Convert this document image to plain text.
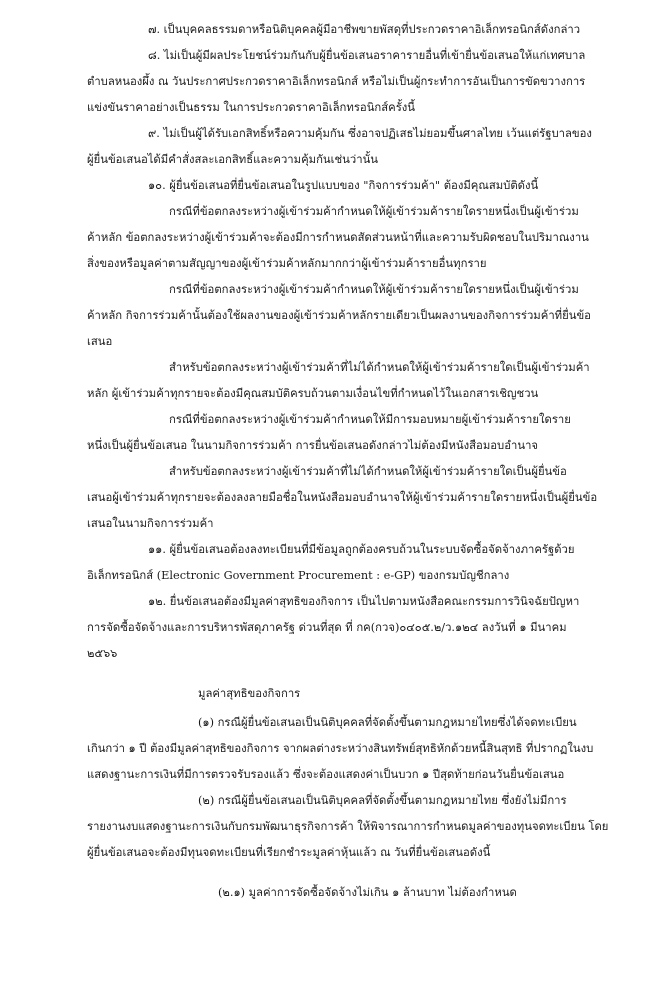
๗. เป็นบุคคลธรรมดาหรือนิติบุคคลผู้มีอาชีพขายพัสดุที่ประกวดราคาอิเล็กทรอนิกส์ดังกล่าว
๘. ไม่เป็นผู้มีผลประโยชน์ร่วมกันกับผู้ยื่นข้อเสนอราคารายอื่นที่เข้ายื่นข้อเสนอให้แก่เทศบาล
ตำบลหนองผึ้ง ณ วันประกาศประกวดราคาอิเล็กทรอนิกส์ หรือไม่เป็นผู้กระทำการอันเป็นการขัดขวางการ
แข่งขันราคาอย่างเป็นธรรม ในการประกวดราคาอิเล็กทรอนิกส์ครั้งนี้
๙. ไม่เป็นผู้ได้รับเอกสิทธิ์หรือความคุ้มกัน ซึ่งอาจปฏิเสธไม่ยอมขึ้นศาลไทย เว้นแต่รัฐบาลของ
ผู้ยื่นข้อเสนอได้มีคำสั่งสละเอกสิทธิ์และความคุ้มกันเช่นว่านั้น
๑๐. ผู้ยื่นข้อเสนอที่ยื่นข้อเสนอในรูปแบบของ "กิจการร่วมค้า" ต้องมีคุณสมบัติดังนี้
กรณีที่ข้อตกลงระหว่างผู้เข้าร่วมค้ากำหนดให้ผู้เข้าร่วมค้ารายใดรายหนึ่งเป็นผู้เข้าร่วม
ค้าหลัก ข้อตกลงระหว่างผู้เข้าร่วมค้าจะต้องมีการกำหนดสัดส่วนหน้าที่และความรับผิดชอบในปริมาณงาน
สิ่งของหรือมูลค่าตามสัญญาของผู้เข้าร่วมค้าหลักมากกว่าผู้เข้าร่วมค้ารายอื่นทุกราย
กรณีที่ข้อตกลงระหว่างผู้เข้าร่วมค้ากำหนดให้ผู้เข้าร่วมค้ารายใดรายหนึ่งเป็นผู้เข้าร่วม
ค้าหลัก กิจการร่วมค้านั้นต้องใช้ผลงานของผู้เข้าร่วมค้าหลักรายเดียวเป็นผลงานของกิจการร่วมค้าที่ยื่นข้อ
เสนอ
สำหรับข้อตกลงระหว่างผู้เข้าร่วมค้าที่ไม่ได้กำหนดให้ผู้เข้าร่วมค้ารายใดเป็นผู้เข้าร่วมค้า
หลัก ผู้เข้าร่วมค้าทุกรายจะต้องมีคุณสมบัติครบถ้วนตามเงื่อนไขที่กำหนดไว้ในเอกสารเชิญชวน
กรณีที่ข้อตกลงระหว่างผู้เข้าร่วมค้ากำหนดให้มีการมอบหมายผู้เข้าร่วมค้ารายใดราย
หนึ่งเป็นผู้ยื่นข้อเสนอ ในนามกิจการร่วมค้า การยื่นข้อเสนอดังกล่าวไม่ต้องมีหนังสือมอบอำนาจ
สำหรับข้อตกลงระหว่างผู้เข้าร่วมค้าที่ไม่ได้กำหนดให้ผู้เข้าร่วมค้ารายใดเป็นผู้ยื่นข้อ
เสนอผู้เข้าร่วมค้าทุกรายจะต้องลงลายมือชื่อในหนังสือมอบอำนาจให้ผู้เข้าร่วมค้ารายใดรายหนึ่งเป็นผู้ยื่นข้อ
เสนอในนามกิจการร่วมค้า
๑๑. ผู้ยื่นข้อเสนอต้องลงทะเบียนที่มีข้อมูลถูกต้องครบถ้วนในระบบจัดซื้อจัดจ้างภาครัฐด้วย
อิเล็กทรอนิกส์ (Electronic Government Procurement : e-GP) ของกรมบัญชีกลาง
๑๒. ยื่นข้อเสนอต้องมีมูลค่าสุทธิของกิจการ เป็นไปตามหนังสือคณะกรรมการวินิจฉัยปัญหา
การจัดซื้อจัดจ้างและการบริหารพัสดุภาครัฐ ด่วนที่สุด ที่ กค(กวจ)๐๔๐๕.๒/ว.๑๒๔ ลงวันที่ ๑ มีนาคม
๒๕๖๖
มูลค่าสุทธิของกิจการ
(๑) กรณีผู้ยื่นข้อเสนอเป็นนิติบุคคลที่จัดตั้งขึ้นตามกฎหมายไทยซึ่งได้จดทะเบียน
เกินกว่า ๑ ปี ต้องมีมูลค่าสุทธิของกิจการ จากผลต่างระหว่างสินทรัพย์สุทธิหักด้วยหนี้สินสุทธิ ที่ปรากฏในงบ
แสดงฐานะการเงินที่มีการตรวจรับรองแล้ว ซึ่งจะต้องแสดงค่าเป็นบวก ๑ ปีสุดท้ายก่อนวันยื่นข้อเสนอ
(๒) กรณีผู้ยื่นข้อเสนอเป็นนิติบุคคลที่จัดตั้งขึ้นตามกฎหมายไทย ซึ่งยังไม่มีการ
รายงานงบแสดงฐานะการเงินกับกรมพัฒนาธุรกิจการค้า ให้พิจารณาการกำหนดมูลค่าของทุนจดทะเบียน โดย
ผู้ยื่นข้อเสนอจะต้องมีทุนจดทะเบียนที่เรียกชำระมูลค่าหุ้นแล้ว ณ วันที่ยื่นข้อเสนอดังนี้
(๒.๑) มูลค่าการจัดซื้อจัดจ้างไม่เกิน ๑ ล้านบาท ไม่ต้องกำหนด
